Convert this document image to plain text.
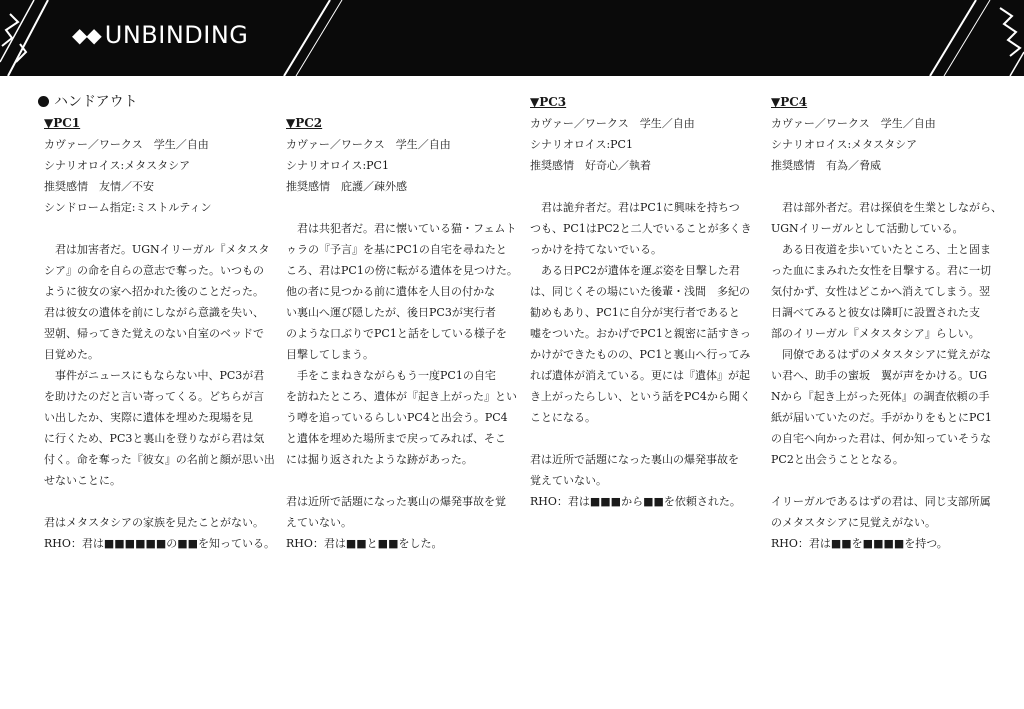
◆◆ UNBINDING
ハンドアウト
▼PC1
カヴァー／ワークス　学生／自由
シナリオロイス:メタスタシア
推奨感情　友情／不安
シンドローム指定:ミストルティン
　君は加害者だ。UGNイリーガル『メタスタ
シア』の命を自らの意志で奪った。いつもの
ように彼女の家へ招かれた後のことだった。
君は彼女の遺体を前にしながら意識を失い、
翌朝、帰ってきた覚えのない自室のベッドで
目覚めた。
　事件がニュースにもならない中、PC3が君
を助けたのだと言い寄ってくる。どちらが言
い出したか、実際に遺体を埋めた現場を見
に行くため、PC3と裏山を登りながら君は気
付く。命を奪った『彼女』の名前と顔が思い出
せないことに。
君はメタスタシアの家族を見たことがない。
RHO：君は■■■■■■の■■を知っている。
▼PC2
カヴァー／ワークス　学生／自由
シナリオロイス:PC1
推奨感情　庇護／疎外感
　君は共犯者だ。君に懐いている猫・フェムト
ゥラの『予言』を基にPC1の自宅を尋ねたと
ころ、君はPC1の傍に転がる遺体を見つけた。
他の者に見つかる前に遺体を人目の付かな
い裏山へ運び隠したが、後日PC3が実行者
のような口ぶりでPC1と話をしている様子を
目撃してしまう。
　手をこまねきながらもう一度PC1の自宅
を訪ねたところ、遺体が『起き上がった』とい
う噂を追っているらしいPC4と出会う。PC4
と遺体を埋めた場所まで戻ってみれば、そこ
には掘り返されたような跡があった。
君は近所で話題になった裏山の爆発事故を覚
えていない。
RHO：君は■■と■■をした。
▼PC3
カヴァー／ワークス　学生／自由
シナリオロイス:PC1
推奨感情　好奇心／執着
　君は詭弁者だ。君はPC1に興味を持ちつ
つも、PC1はPC2と二人でいることが多くき
っかけを持てないでいる。
　ある日PC2が遺体を運ぶ姿を目撃した君
は、同じくその場にいた後輩・浅間　多紀の
勧めもあり、PC1に自分が実行者であると
嘘をついた。おかげでPC1と親密に話すきっ
かけができたものの、PC1と裏山へ行ってみ
れば遺体が消えている。更には『遺体』が起
き上がったらしい、という話をPC4から聞く
ことになる。
君は近所で話題になった裏山の爆発事故を
覚えていない。
RHO：君は■■■から■■を依頼された。
▼PC4
カヴァー／ワークス　学生／自由
シナリオロイス:メタスタシア
推奨感情　有為／脅威
　君は部外者だ。君は探偵を生業としながら、
UGNイリーガルとして活動している。
　ある日夜道を歩いていたところ、土と固ま
った血にまみれた女性を目撃する。君に一切
気付かず、女性はどこかへ消えてしまう。翌
日調べてみると彼女は隣町に設置された支
部のイリーガル『メタスタシア』らしい。
　同僚であるはずのメタスタシアに覚えがな
い君へ、助手の蜜坂　翼が声をかける。UG
Nから『起き上がった死体』の調査依頼の手
紙が届いていたのだ。手がかりをもとにPC1
の自宅へ向かった君は、何か知っていそうな
PC2と出会うこととなる。
イリーガルであるはずの君は、同じ支部所属
のメタスタシアに見覚えがない。
RHO：君は■■を■■■■を持つ。
